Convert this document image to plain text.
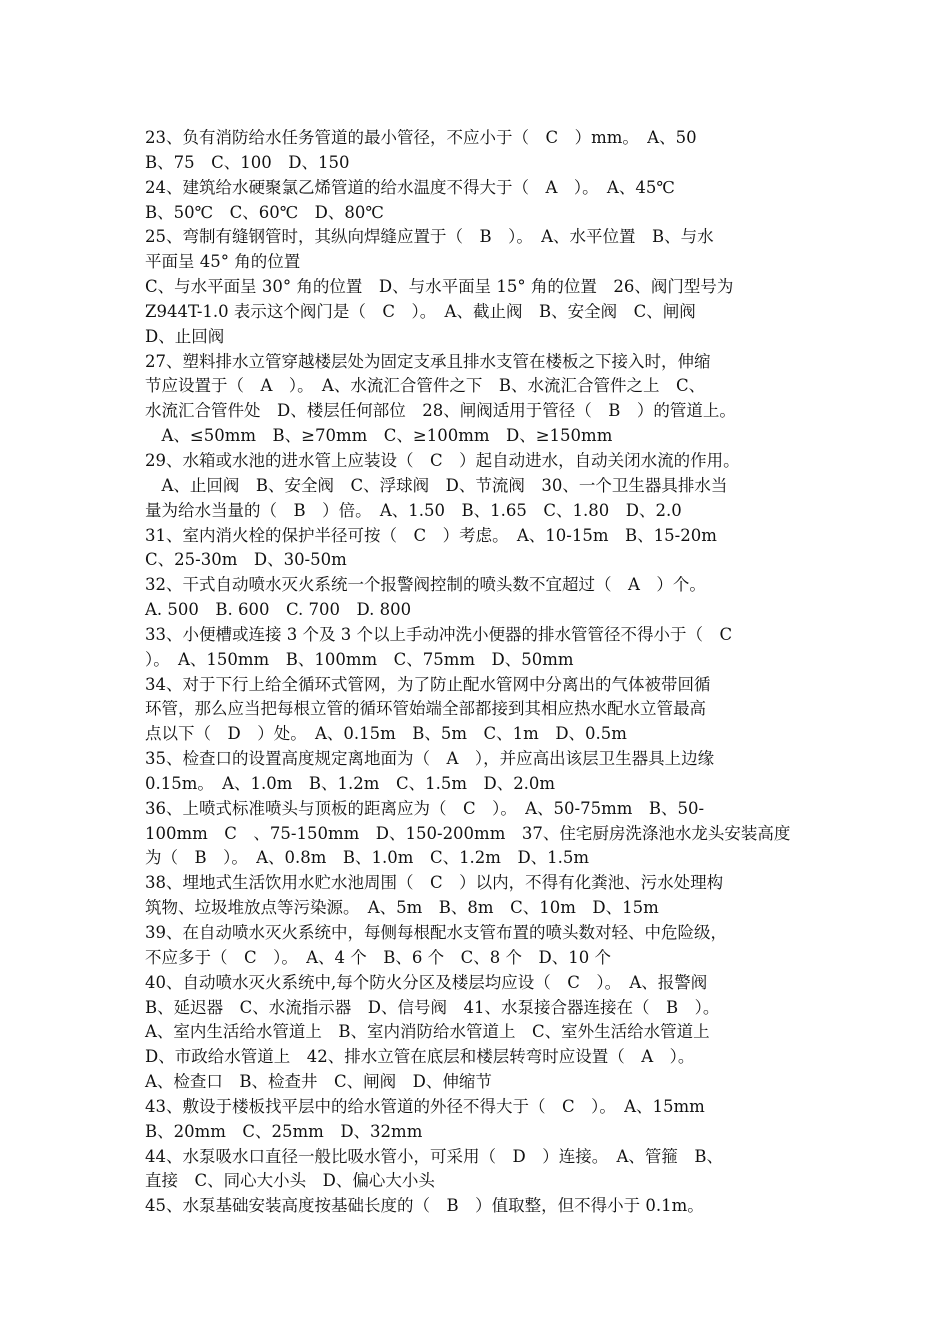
23、负有消防给水任务管道的最小管径，不应小于（　C　）mm。　A、50
B、75　C、100　D、150
24、建筑给水硬聚氯乙烯管道的给水温度不得大于（　A　）。　A、45℃
B、50℃　C、60℃　D、80℃
25、弯制有缝钢管时，其纵向焊缝应置于（　B　）。　A、水平位置　B、与水
平面呈 45° 角的位置
C、与水平面呈 30° 角的位置　D、与水平面呈 15° 角的位置　26、阀门型号为
Z944T-1.0 表示这个阀门是（　C　）。　A、截止阀　B、安全阀　C、闸阀
D、止回阀
27、塑料排水立管穿越楼层处为固定支承且排水支管在楼板之下接入时，伸缩
节应设置于（　A　）。　A、水流汇合管件之下　B、水流汇合管件之上　C、
水流汇合管件处　D、楼层任何部位　28、闸阀适用于管径（　B　）的管道上。
　A、≤50mm　B、≥70mm　C、≥100mm　D、≥150mm
29、水箱或水池的进水管上应装设（　C　）起自动进水，自动关闭水流的作用。
　A、止回阀　B、安全阀　C、浮球阀　D、节流阀　30、一个卫生器具排水当
量为给水当量的（　B　）倍。　A、1.50　B、1.65　C、1.80　D、2.0
31、室内消火栓的保护半径可按（　C　）考虑。　A、10-15m　B、15-20m
C、25-30m　D、30-50m
32、干式自动喷水灭火系统一个报警阀控制的喷头数不宜超过（　A　）个。
A. 500　B. 600　C. 700　D. 800
33、小便槽或连接 3 个及 3 个以上手动冲洗小便器的排水管管径不得小于（　C
）。　A、150mm　B、100mm　C、75mm　D、50mm
34、对于下行上给全循环式管网，为了防止配水管网中分离出的气体被带回循
环管，那么应当把每根立管的循环管始端全部都接到其相应热水配水立管最高
点以下（　D　）处。　A、0.15m　B、5m　C、1m　D、0.5m
35、检查口的设置高度规定离地面为（　A　），并应高出该层卫生器具上边缘
0.15m。　A、1.0m　B、1.2m　C、1.5m　D、2.0m
36、上喷式标准喷头与顶板的距离应为（　C　）。　A、50-75mm　B、50-
100mm　C　、75-150mm　D、150-200mm　37、住宅厨房洗涤池水龙头安装高度
为（　B　）。　A、0.8m　B、1.0m　C、1.2m　D、1.5m
38、埋地式生活饮用水贮水池周围（　C　）以内，不得有化粪池、污水处理构
筑物、垃圾堆放点等污染源。　A、5m　B、8m　C、10m　D、15m
39、在自动喷水灭火系统中，每侧每根配水支管布置的喷头数对轻、中危险级，
不应多于（　C　）。　A、4 个　B、6 个　C、8 个　D、10 个
40、自动喷水灭火系统中,每个防火分区及楼层均应设（　C　）。　A、报警阀
B、延迟器　C、水流指示器　D、信号阀　41、水泵接合器连接在（　B　）。
A、室内生活给水管道上　B、室内消防给水管道上　C、室外生活给水管道上
D、市政给水管道上　42、排水立管在底层和楼层转弯时应设置（　A　）。
A、检查口　B、检查井　C、闸阀　D、伸缩节
43、敷设于楼板找平层中的给水管道的外径不得大于（　C　）。　A、15mm
B、20mm　C、25mm　D、32mm
44、水泵吸水口直径一般比吸水管小，可采用（　D　）连接。　A、管箍　B、
直接　C、同心大小头　D、偏心大小头
45、水泵基础安装高度按基础长度的（　B　）值取整，但不得小于 0.1m。
